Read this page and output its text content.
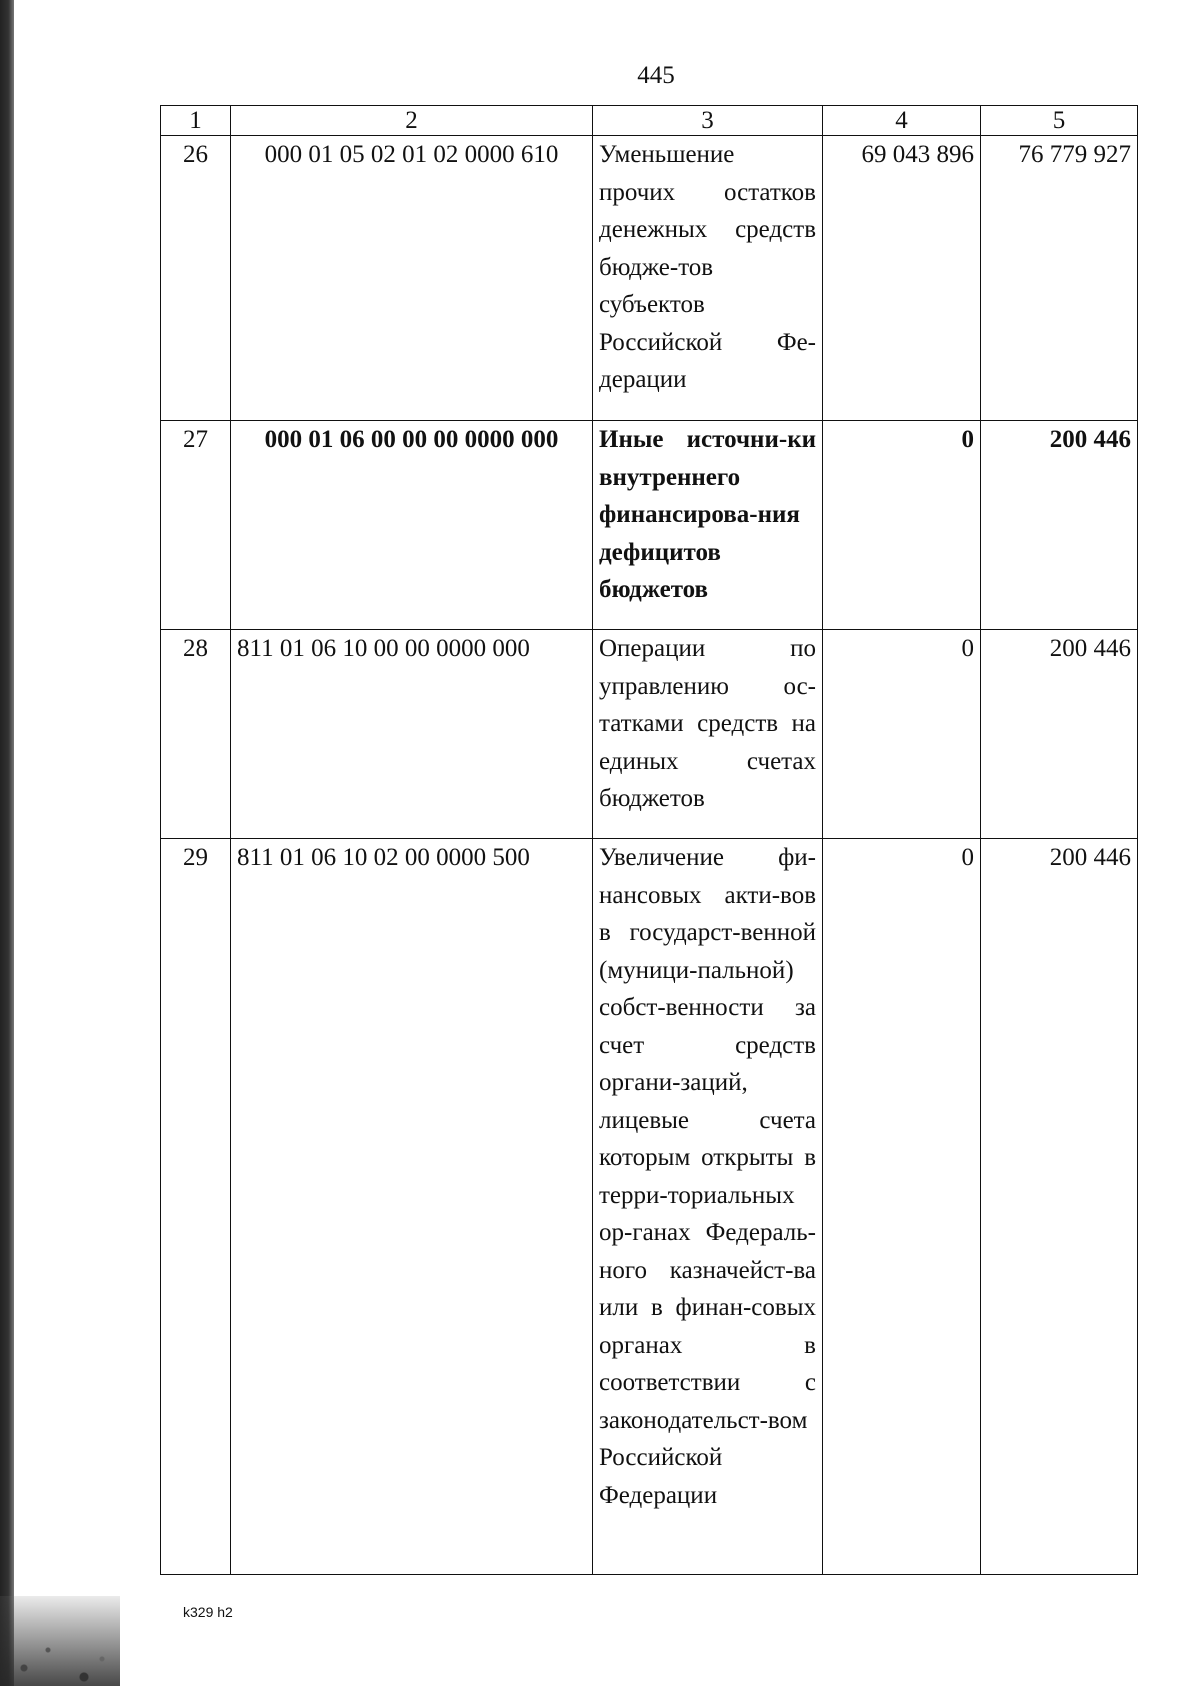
445
1	2	3	4	5
26	000 01 05 02 01 02 0000 610	Уменьшение прочих остатков денежных средств бюдже-тов субъектов Российской Фе-дерации	69 043 896	76 779 927
27	000 01 06 00 00 00 0000 000	Иные источни-ки внутреннего финансирова-ния дефицитов бюджетов	0	200 446
28	811 01 06 10 00 00 0000 000	Операции по управлению ос-татками средств на единых счетах бюджетов	0	200 446
29	811 01 06 10 02 00 0000 500	Увеличение фи-нансовых акти-вов в государст-венной (муници-пальной) собст-венности за счет средств органи-заций, лицевые счета которым открыты в терри-ториальных ор-ганах Федераль-ного казначейст-ва или в финан-совых органах в соответствии с законодательст-вом Российской Федерации	0	200 446
k329 h2
